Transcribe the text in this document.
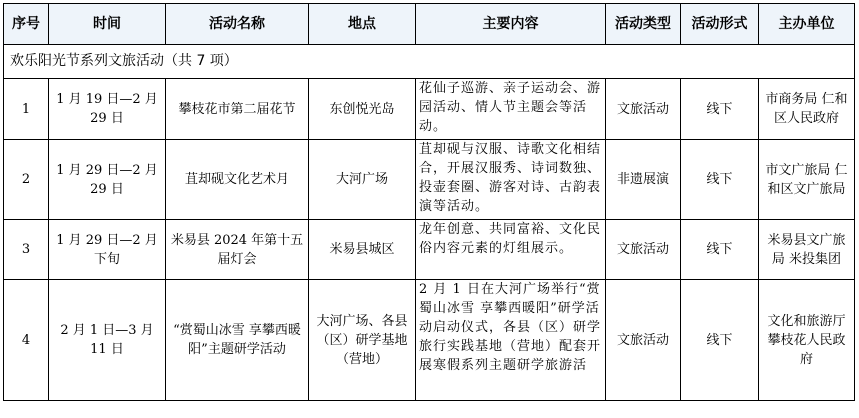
序号	时间	活动名称	地点	主要内容	活动类型	活动形式	主办单位
欢乐阳光节系列文旅活动（共 7 项）							
1	1 月 19 日—2 月 29 日	攀枝花市第二届花节	东创悦光岛	花仙子巡游、亲子运动会、游园活动、情人节主题会等活动。	文旅活动	线下	市商务局 仁和区人民政府
2	1 月 29 日—2 月 29 日	苴却砚文化艺术月	大河广场	苴却砚与汉服、诗歌文化相结合，开展汉服秀、诗词数独、投壶套圈、游客对诗、古韵表演等活动。	非遗展演	线下	市文广旅局 仁和区文广旅局
3	1 月 29 日—2 月下旬	米易县 2024 年第十五届灯会	米易县城区	龙年创意、共同富裕、文化民俗内容元素的灯组展示。	文旅活动	线下	米易县文广旅局 米投集团
4	2 月 1 日—3 月 11 日	“赏蜀山冰雪 享攀西暖阳”主题研学活动	大河广场、各县（区）研学基地（营地）	2 月 1 日在大河广场举行“赏蜀山冰雪 享攀西暖阳”研学活动启动仪式，各县（区）研学旅行实践基地（营地）配套开展寒假系列主题研学旅游活	文旅活动	线下	文化和旅游厅 攀枝花人民政府
